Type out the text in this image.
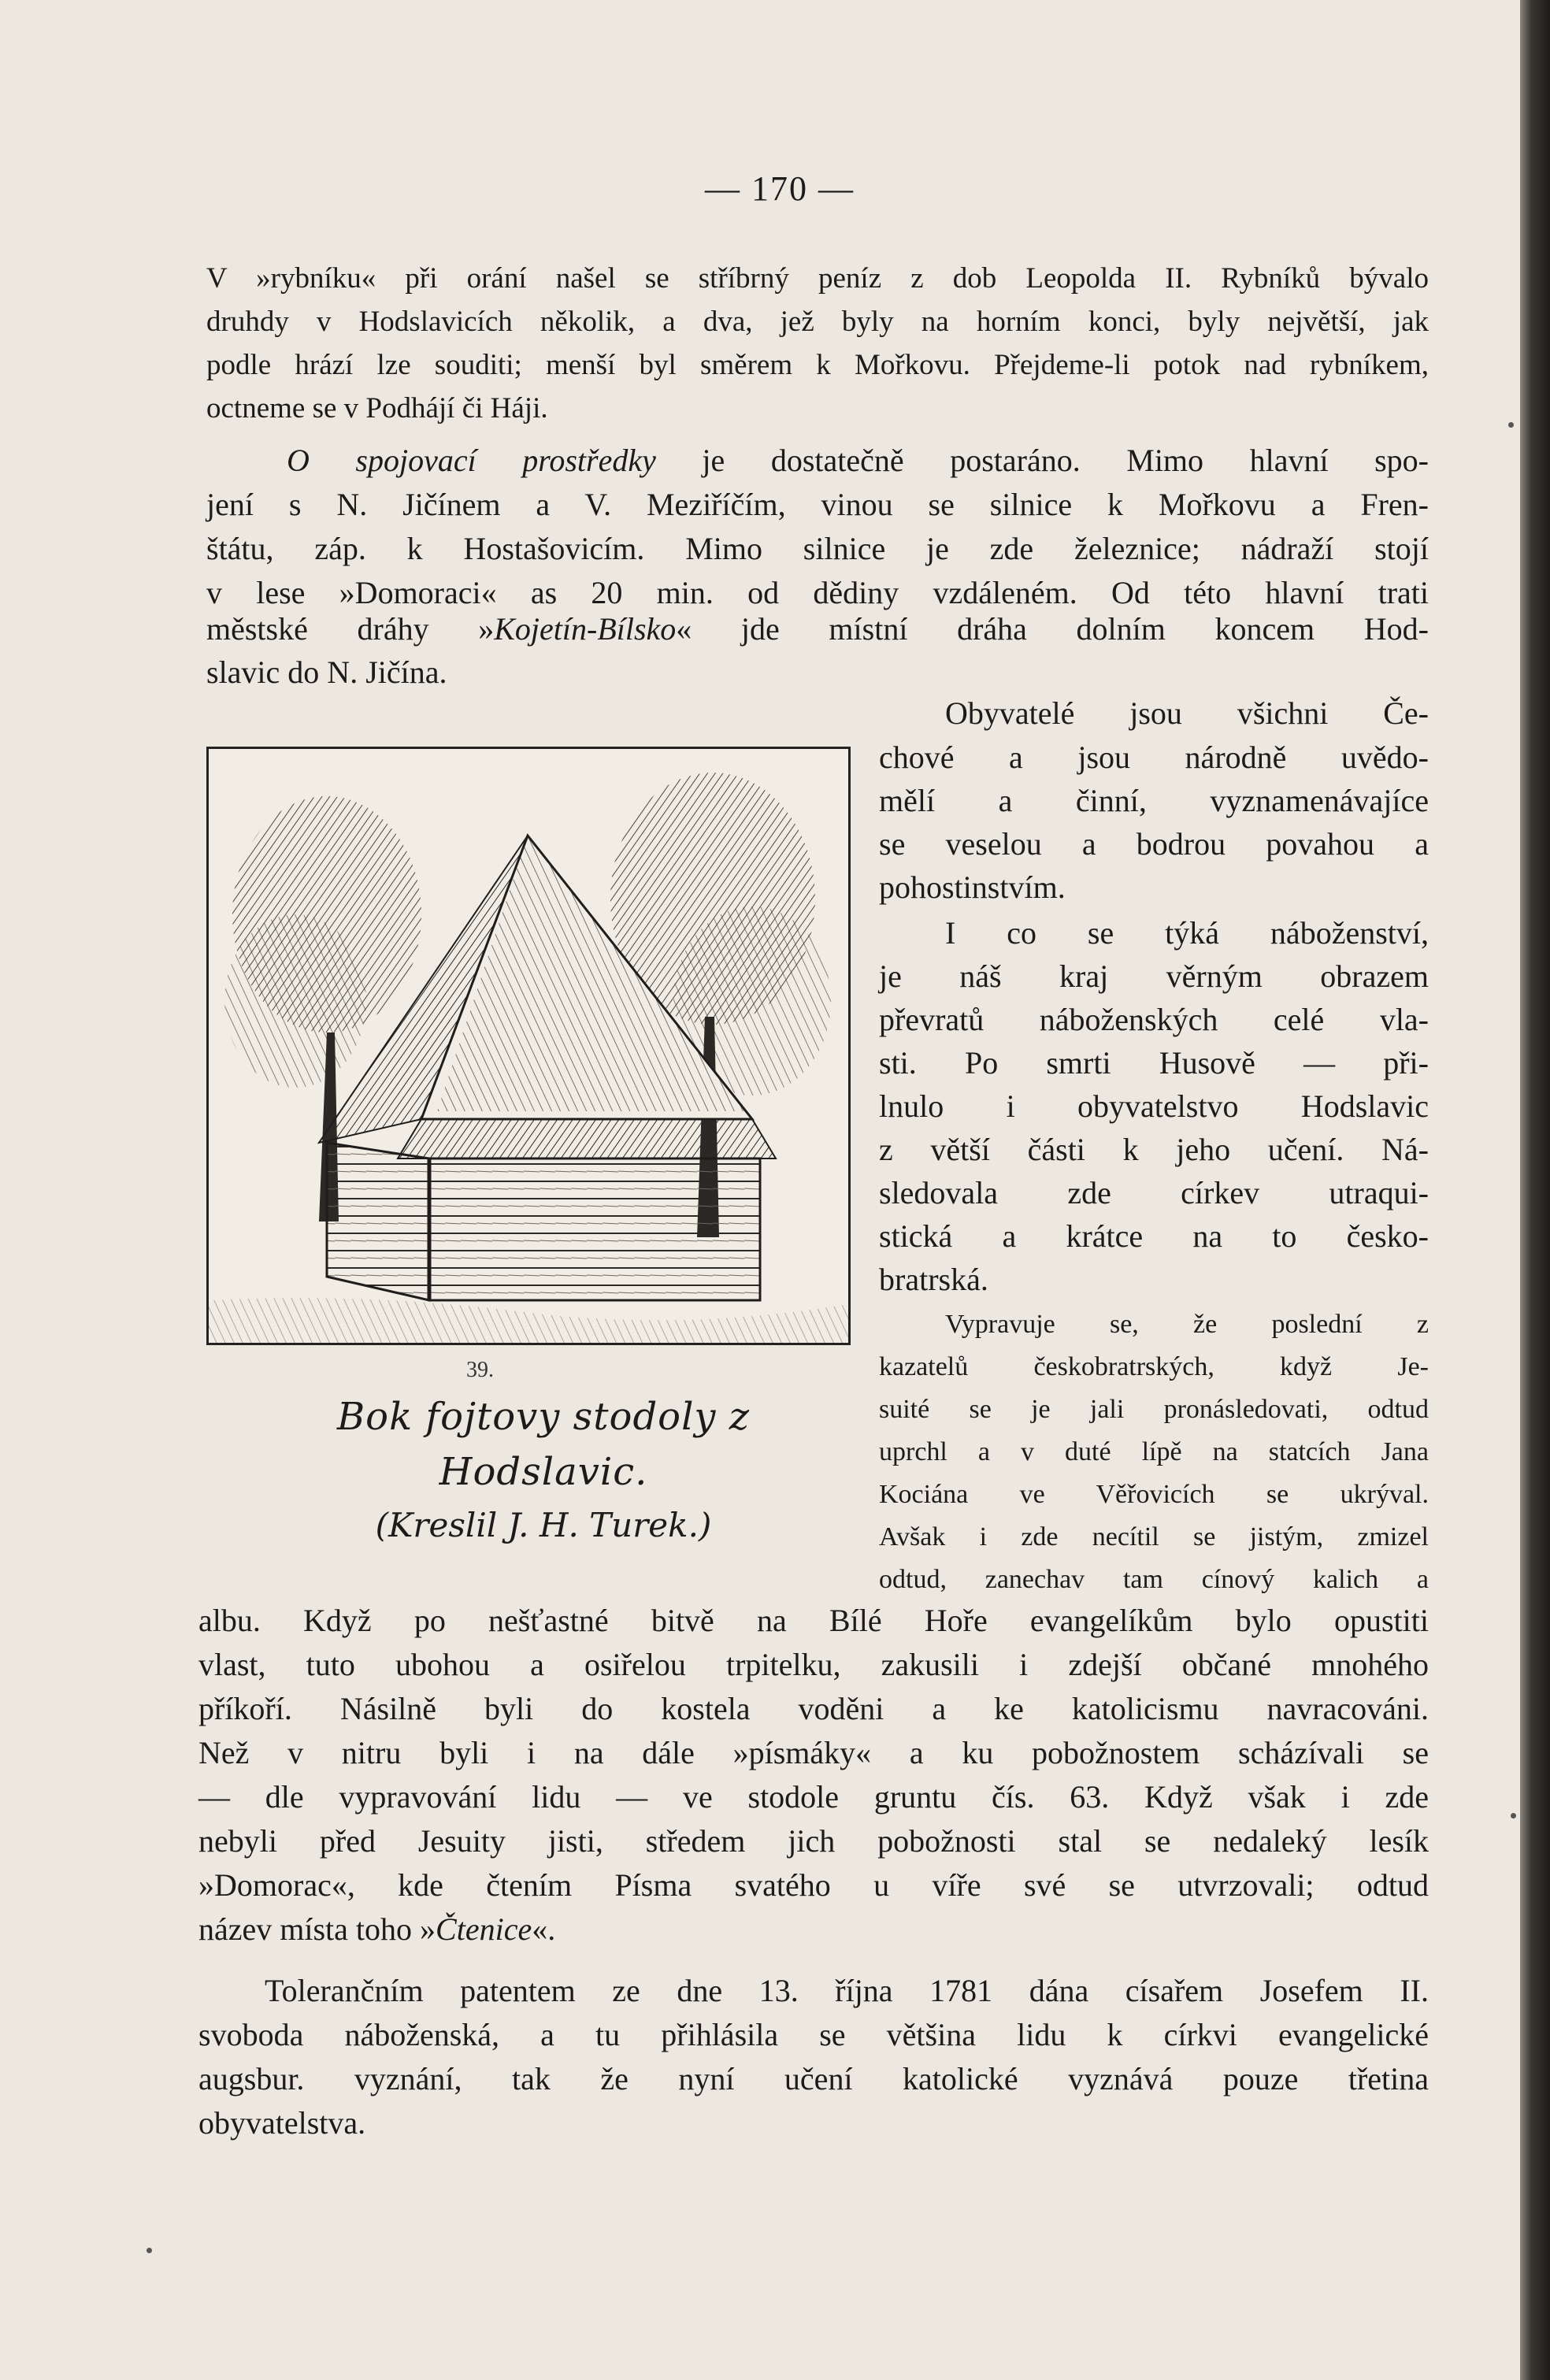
— 170 —
V »rybníku« při orání našel se stříbrný peníz z dob Leopolda II. Rybníků bývalo
druhdy v Hodslavicích několik, a dva, jež byly na horním konci, byly největší, jak
podle hrází lze souditi; menší byl směrem k Mořkovu. Přejdeme-li potok nad rybníkem,
octneme se v Podhájí či Háji.
O spojovací prostředky je dostatečně postaráno. Mimo hlavní spo-
jení s N. Jičínem a V. Meziříčím, vinou se silnice k Mořkovu a Fren-
štátu, záp. k Hostašovicím. Mimo silnice je zde železnice; nádraží stojí
v lese »Domoraci« as 20 min. od dědiny vzdáleném. Od této hlavní trati
městské dráhy »Kojetín-Bílsko« jde místní dráha dolním koncem Hod-
slavic do N. Jičína.
39.
Bok fojtovy stodoly z Hodslavic.
(Kreslil J. H. Turek.)
Obyvatelé jsou všichni Če-
chové a jsou národně uvědo-
mělí a činní, vyznamenávajíce
se veselou a bodrou povahou a
pohostinstvím.
I co se týká náboženství,
je náš kraj věrným obrazem
převratů náboženských celé vla-
sti. Po smrti Husově — při-
lnulo i obyvatelstvo Hodslavic
z větší části k jeho učení. Ná-
sledovala zde církev utraqui-
stická a krátce na to česko-
bratrská.
Vypravuje se, že poslední z
kazatelů českobratrských, když Je-
suité se je jali pronásledovati, odtud
uprchl a v duté lípě na statcích Jana
Kociána ve Věřovicích se ukrýval.
Avšak i zde necítil se jistým, zmizel
odtud, zanechav tam cínový kalich a
albu. Když po nešťastné bitvě na Bílé Hoře evangelíkům bylo opustiti
vlast, tuto ubohou a osiřelou trpitelku, zakusili i zdejší občané mnohého
příkoří. Násilně byli do kostela voděni a ke katolicismu navracováni.
Než v nitru byli i na dále »písmáky« a ku pobožnostem scházívali se
— dle vypravování lidu — ve stodole gruntu čís. 63. Když však i zde
nebyli před Jesuity jisti, středem jich pobožnosti stal se nedaleký lesík
»Domorac«, kde čtením Písma svatého u víře své se utvrzovali; odtud
název místa toho »Čtenice«.
Tolerančním patentem ze dne 13. října 1781 dána císařem Josefem II.
svoboda náboženská, a tu přihlásila se většina lidu k církvi evangelické
augsbur. vyznání, tak že nyní učení katolické vyznává pouze třetina
obyvatelstva.
